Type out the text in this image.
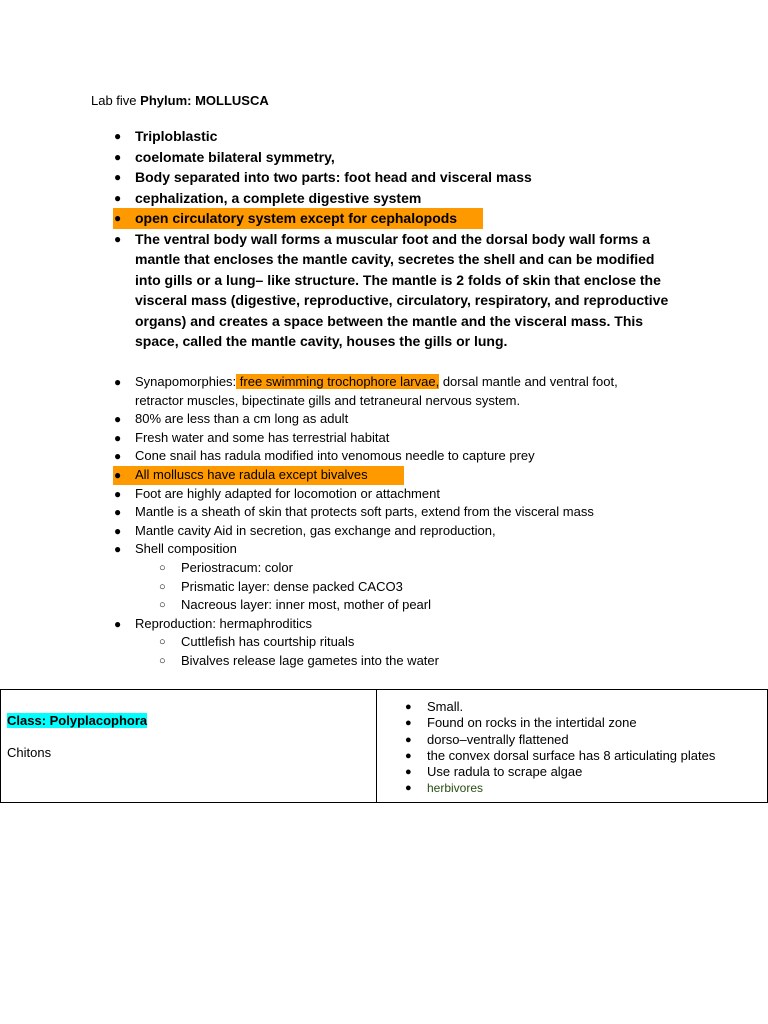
Lab five Phylum: MOLLUSCA
● Triploblastic
● coelomate bilateral symmetry,
● Body separated into two parts: foot head and visceral mass
● cephalization, a complete digestive system
● open circulatory system except for cephalopods
● The ventral body wall forms a muscular foot and the dorsal body wall forms a mantle that encloses the mantle cavity, secretes the shell and can be modified into gills or a lung– like structure. The mantle is 2 folds of skin that enclose the visceral mass (digestive, reproductive, circulatory, respiratory, and reproductive organs) and creates a space between the mantle and the visceral mass. This space, called the mantle cavity, houses the gills or lung.
● Synapomorphies: free swimming trochophore larvae, dorsal mantle and ventral foot, retractor muscles, bipectinate gills and tetraneural nervous system.
● 80% are less than a cm long as adult
● Fresh water and some has terrestrial habitat
● Cone snail has radula modified into venomous needle to capture prey
● All molluscs have radula except bivalves
● Foot are highly adapted for locomotion or attachment
● Mantle is a sheath of skin that protects soft parts, extend from the visceral mass
● Mantle cavity Aid in secretion, gas exchange and reproduction,
● Shell composition
○ Periostracum: color
○ Prismatic layer: dense packed CACO3
○ Nacreous layer: inner most, mother of pearl
● Reproduction: hermaphroditics
○ Cuttlefish has courtship rituals
○ Bivalves release lage gametes into the water
Class: Polyplacophora
Chitons

● Small.
● Found on rocks in the intertidal zone
● dorso–ventrally flattened
● the convex dorsal surface has 8 articulating plates
● Use radula to scrape algae
● herbivores
